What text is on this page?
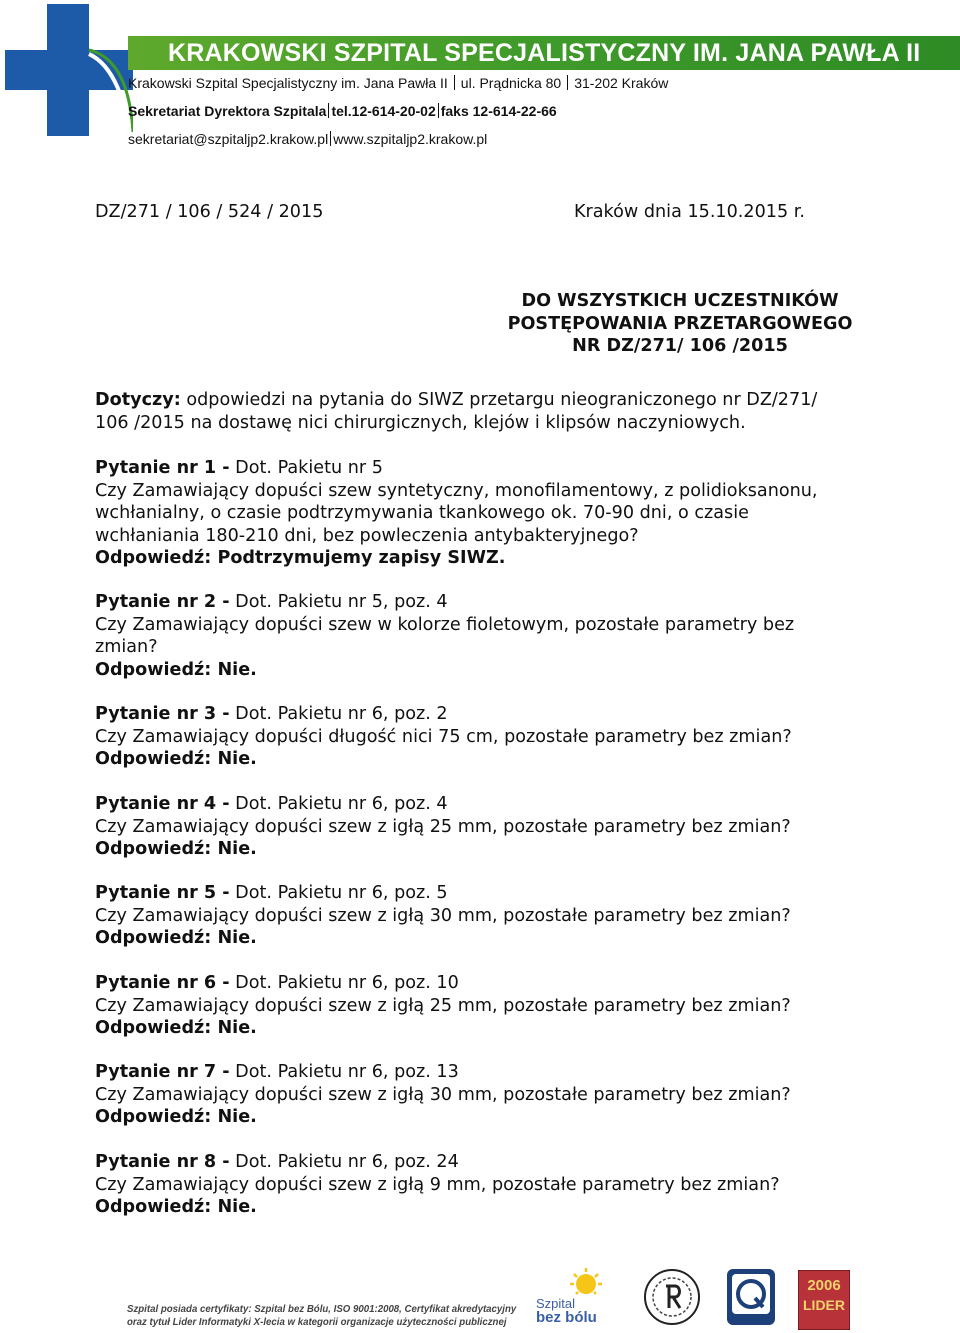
KRAKOWSKI SZPITAL SPECJALISTYCZNY IM. JANA PAWŁA II
Krakowski Szpital Specjalistyczny im. Jana Pawła II ul. Prądnicka 80 31-202 Kraków
Sekretariat Dyrektora Szpitala tel.12-614-20-02 faks 12-614-22-66
sekretariat@szpitaljp2.krakow.pl www.szpitaljp2.krakow.pl
DZ/271 / 106 / 524 / 2015	Kraków dnia 15.10.2015 r.
DO WSZYSTKICH UCZESTNIKÓW
POSTĘPOWANIA PRZETARGOWEGO
NR DZ/271/ 106 /2015
Dotyczy: odpowiedzi na pytania do SIWZ przetargu nieograniczonego nr DZ/271/
106 /2015 na dostawę nici chirurgicznych, klejów i klipsów naczyniowych.
Pytanie nr 1 - Dot. Pakietu nr 5
Czy Zamawiający dopuści szew syntetyczny, monofilamentowy, z polidioksanonu,
wchłanialny, o czasie podtrzymywania tkankowego ok. 70-90 dni, o czasie
wchłaniania 180-210 dni, bez powleczenia antybakteryjnego?
Odpowiedź: Podtrzymujemy zapisy SIWZ.
Pytanie nr 2 - Dot. Pakietu nr 5, poz. 4
Czy Zamawiający dopuści szew w kolorze fioletowym, pozostałe parametry bez
zmian?
Odpowiedź: Nie.
Pytanie nr 3 - Dot. Pakietu nr 6, poz. 2
Czy Zamawiający dopuści długość nici 75 cm, pozostałe parametry bez zmian?
Odpowiedź: Nie.
Pytanie nr 4 - Dot. Pakietu nr 6, poz. 4
Czy Zamawiający dopuści szew z igłą 25 mm, pozostałe parametry bez zmian?
Odpowiedź: Nie.
Pytanie nr 5 - Dot. Pakietu nr 6, poz. 5
Czy Zamawiający dopuści szew z igłą 30 mm, pozostałe parametry bez zmian?
Odpowiedź: Nie.
Pytanie nr 6 - Dot. Pakietu nr 6, poz. 10
Czy Zamawiający dopuści szew z igłą 25 mm, pozostałe parametry bez zmian?
Odpowiedź: Nie.
Pytanie nr 7 - Dot. Pakietu nr 6, poz. 13
Czy Zamawiający dopuści szew z igłą 30 mm, pozostałe parametry bez zmian?
Odpowiedź: Nie.
Pytanie nr 8 - Dot. Pakietu nr 6, poz. 24
Czy Zamawiający dopuści szew z igłą 9 mm, pozostałe parametry bez zmian?
Odpowiedź: Nie.
Szpital posiada certyfikaty: Szpital bez Bólu, ISO 9001:2008, Certyfikat akredytacyjny
oraz tytuł Lider Informatyki X-lecia w kategorii organizacje użyteczności publicznej
Szpital
bez bólu
2006
LIDER
